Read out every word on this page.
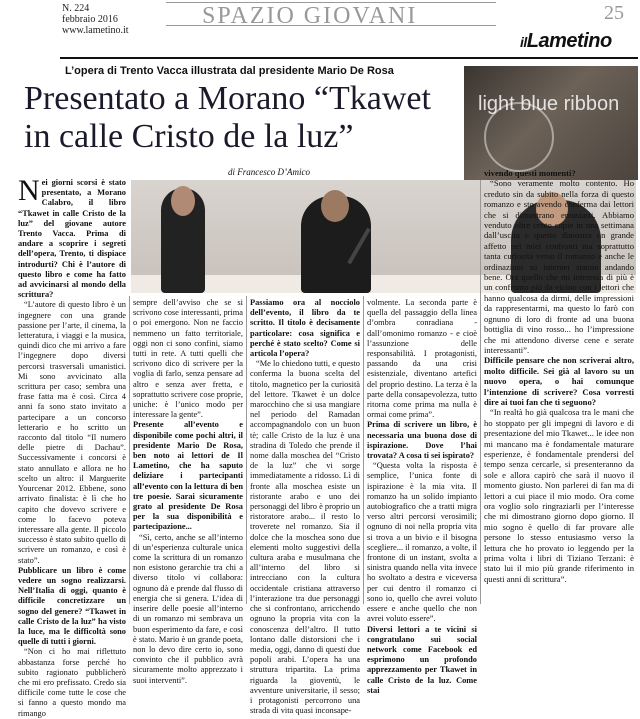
N. 224
febbraio 2016
www.lametino.it
SPAZIO GIOVANI	25
ilLametino
L’opera di Trento Vacca illustrata dal presidente Mario De Rosa
Presentato a Morano “Tkawet in calle Cristo de la luz”
di Francesco D’Amico
light blue ribbon

Nei giorni scorsi è stato presentato, a Morano Calabro, il libro “Tkawet in calle Cristo de la luz” del giovane autore Trento Vacca. Prima di andare a scoprire i segreti dell’opera, Trento, ti dispiace introdurti? Chi è l’autore di questo libro e come ha fatto ad avvicinarsi al mondo della scrittura?

“L’autore di questo libro è un ingegnere con una grande passione per l’arte, il cinema, la letteratura, i viaggi e la musica, quindi dico che mi arrivo a fare l’ingegnere dopo diversi percorsi trasversali umanistici. Mi sono avvicinato alla scrittura per caso; sembra una frase fatta ma è così. Circa 4 anni fa sono stato invitato a partecipare a un concorso letterario e ho scritto un racconto dal titolo “Il numero delle pietre di Dachau”. Successivamente i concorsi è stato annullato e allora ne ho scelto un altro: il Marguerite Yourcenar 2012. Ebbene, sono arrivato finalista: è lì che ho capito che dovevo scrivere e come lo facevo poteva interessare alla gente. Il piccolo successo è stato subito quello di scrivere un romanzo, e così è stato”.

Pubblicare un libro è come vedere un sogno realizzarsi. Nell’Italia di oggi, quanto è difficile concretizzare un sogno del genere? “Tkawet in calle Cristo de la luz” ha visto la luce, ma le difficoltà sono quelle di tutti i giorni.

“Non ci ho mai riflettuto abbastanza forse perché ho subito ragionato pubblicherò che mi ero prefissato. Credo sia difficile come tutte le cose che si fanno a questo mondo ma rimango

sempre dell’avviso che se si scrivono cose interessanti, prima o poi emergono. Non ne faccio nemmeno un fatto territoriale, oggi non ci sono confini, siamo tutti in rete. A tutti quelli che scrivono dico di scrivere per la voglia di farlo, senza pensare ad altro e senza aver fretta, e soprattutto scrivere cose proprie, uniche: è l’unico modo per interessare la gente”.

Presente all’evento e disponibile come pochi altri, il presidente Mario De Rosa, ben noto ai lettori de Il Lametino, che ha saputo deliziare i partecipanti all’evento con la lettura di ben tre poesie. Sarai sicuramente grato al presidente De Rosa per la sua disponibilità e partecipazione...

“Sì, certo, anche se all’interno di un’esperienza culturale unica come la scrittura di un romanzo non esistono gerarchie tra chi a diverso titolo vi collabora: ognuno dà e prende dal flusso di energia che si genera. L’idea di inserire delle poesie all’interno di un romanzo mi sembrava un buon esperimento da fare, e così è stato. Mario è un grande poeta, non lo devo dire certo io, sono convinto che il pubblico avrà sicuramente molto apprezzato i suoi interventi”.

Passiamo ora al nocciolo dell’evento, il libro da te scritto. Il titolo è decisamente particolare: cosa significa e perché è stato scelto? Come si articola l’opera?

“Me lo chiedono tutti, e questo conferma la buona scelta del titolo, magnetico per la curiosità del lettore. Tkawet è un dolce marocchino che si usa mangiare nel periodo del Ramadan accompagnandolo con un buon tè; calle Cristo de la luz è una stradina di Toledo che prende il nome dalla moschea del “Cristo de la luz” che vi sorge immediatamente a ridosso. Lì di fronte alla moschea esiste un ristorante arabo e uno dei personaggi del libro è proprio un ristoratore arabo... il resto lo troverete nel romanzo. Sia il dolce che la moschea sono due elementi molto suggestivi della cultura araba e musulmana che all’interno del libro si intrecciano con la cultura occidentale cristiana attraverso l’interazione tra due personaggi che si confrontano, arricchendo ognuno la propria vita con la conoscenza dell’altro. Il tutto lontano dalle distorsioni che i media, oggi, danno di questi due popoli arabi. L’opera ha una struttura tripartita. La prima riguarda la gioventù, le avventure universitarie, il sesso; i protagonisti percorrono una strada di vita quasi inconsape-

volmente. La seconda parte è quella del passaggio della linea d’ombra conradiana - dall’omonimo romanzo - e cioè l’assunzione delle responsabilità. I protagonisti, passando da una crisi esistenziale, diventano artefici del proprio destino. La terza è la parte della consapevolezza, tutto ritorna come prima ma nulla è ormai come prima”.

Prima di scrivere un libro, è necessaria una buona dose di ispirazione. Dove l’hai trovata? A cosa ti sei ispirato?

“Questa volta la risposta è semplice, l’unica fonte di ispirazione è la mia vita. Il romanzo ha un solido impianto autobiografico che a tratti migra verso altri percorsi verosimili; ognuno di noi nella propria vita si trova a un bivio e il bisogna scegliere... il romanzo, a volte, il frontone di un instant, svolta a sinistra quando nella vita invece ho svoltato a destra e viceversa per cui dentro il romanzo ci sono io, quello che avrei voluto essere e anche quello che non avrei voluto essere”.

Diversi lettori a te vicini si congratulano sui social network come Facebook ed esprimono un profondo apprezzamento per Tkawet in calle Cristo de la luz. Come stai

vivendo questi momenti?

“Sono veramente molto contento. Ho creduto sin da subito nella forza di questo romanzo e sto avendo conferma dai lettori che si dimostrano entusiasti. Abbiamo venduto oltre cento copie in una settimana dall’uscita e questo dimostra un grande affetto nei miei confronti ma soprattutto tanta curiosità verso il romanzo e anche le ordinazioni su internet stanno andando bene. Ora quello che mi interessa di più è un confronto più da vicino con i lettori che hanno qualcosa da dirmi, delle impressioni da rappresentarmi, ma questo lo farò con ognuno di loro di fronte ad una buona bottiglia di vino rosso... ho l’impressione che mi attendono diverse cene e serate interessanti”.

Difficile pensare che non scriverai altro, molto difficile. Sei già al lavoro su un nuovo opera, o hai comunque l’intenzione di scrivere? Cosa vorresti dire ai tuoi fan che ti seguono?

“In realtà ho già qualcosa tra le mani che ho stoppato per gli impegni di lavoro e di presentazione del mio Tkawet... le idee non mi mancano ma è fondamentale maturare esperienze, è fondamentale prendersi del tempo senza cercarle, si presenteranno da sole e allora capirò che sarà il nuovo il momento giusto. Non parlerei di fan ma di lettori a cui piace il mio modo. Ora come ora voglio solo ringraziarli per l’interesse che mi dimostrano giorno dopo giorno. Il mio sogno è quello di far provare alle persone lo stesso entusiasmo verso la lettura che ho provato io leggendo per la prima volta i libri di Tiziano Terzani: è stato lui il mio più grande riferimento in questi anni di scrittura”.
